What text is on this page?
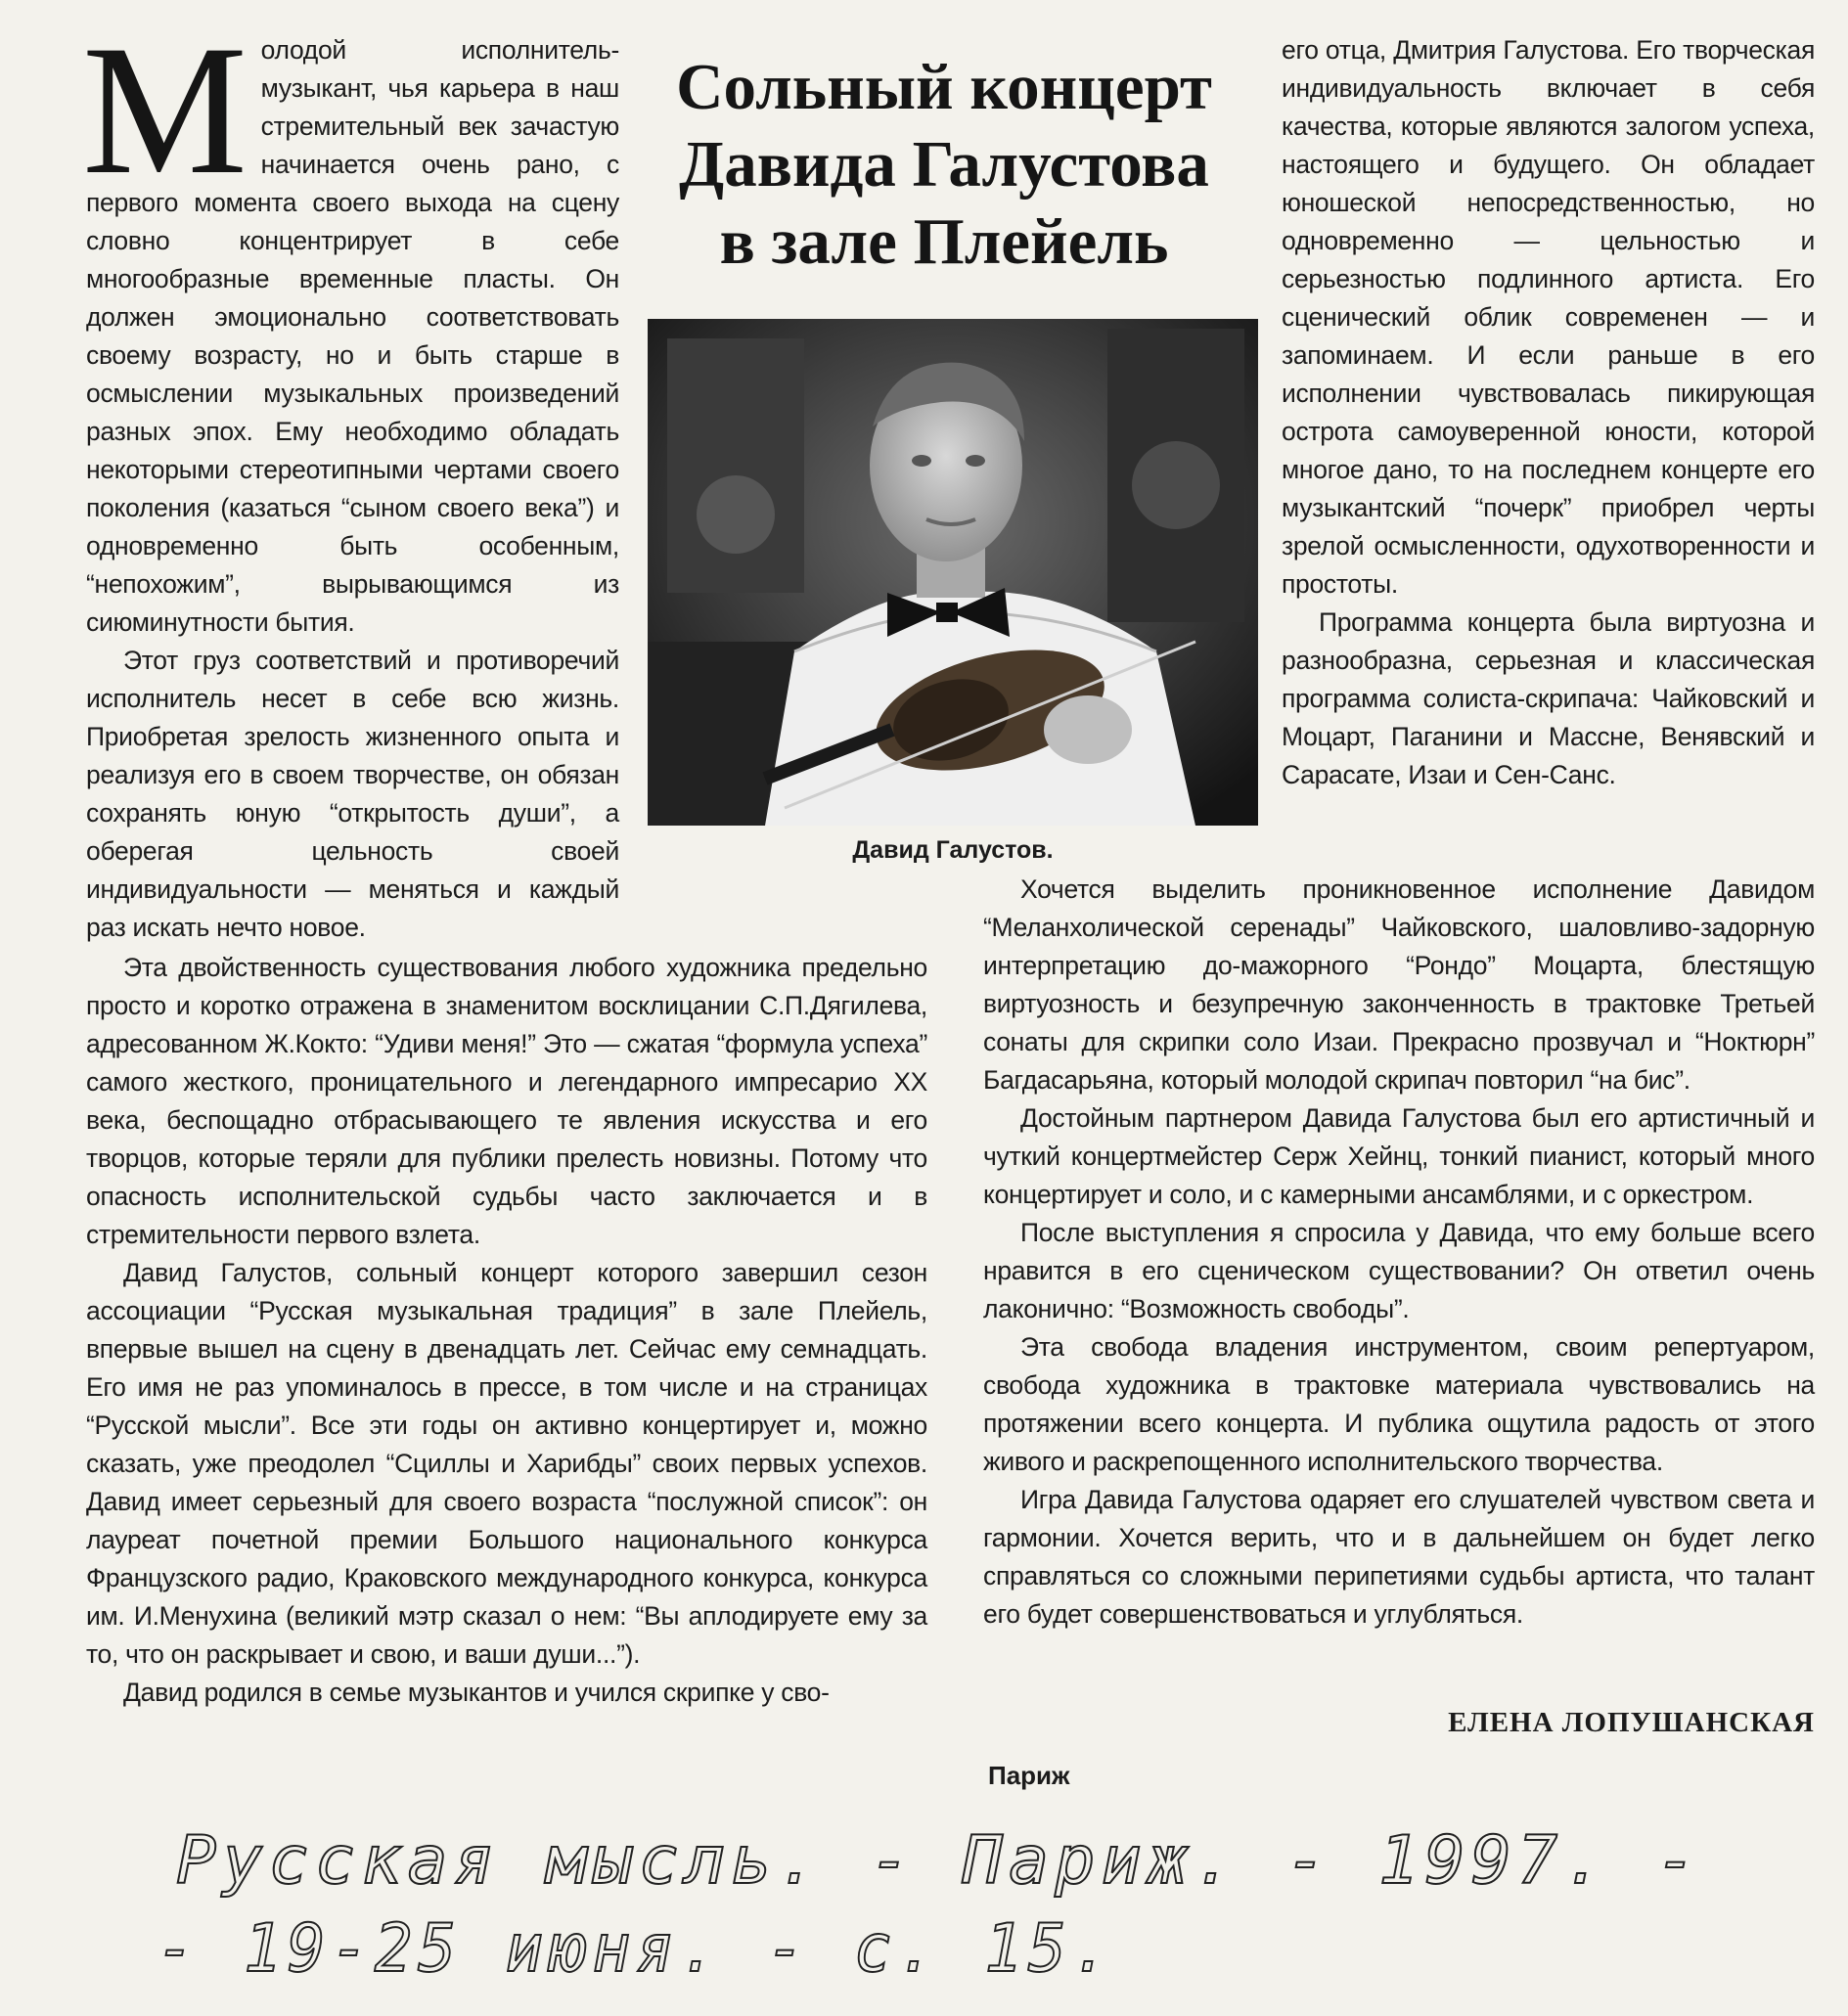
Сольный концерт
Давида Галустова
в зале Плейель
Давид Галустов.

Молодой исполнитель-музыкант, чья карьера в наш стремительный век зачастую начинается очень рано, с первого момента своего выхода на сцену словно концентрирует в себе многообразные временные пласты. Он должен эмоционально соответствовать своему возрасту, но и быть старше в осмыслении музыкальных произведений разных эпох. Ему необходимо обладать некоторыми стереотипными чертами своего поколения (казаться “сыном своего века”) и одновременно быть особенным, “непохожим”, вырывающимся из сиюминутности бытия.

Этот груз соответствий и противоречий исполнитель несет в себе всю жизнь. Приобретая зрелость жизненного опыта и реализуя его в своем творчестве, он обязан сохранять юную “открытость души”, а оберегая цельность своей индивидуальности — меняться и каждый раз искать нечто новое.

Эта двойственность существования любого художника предельно просто и коротко отражена в знаменитом восклицании С.П.Дягилева, адресованном Ж.Кокто: “Удиви меня!” Это — сжатая “формула успеха” самого жесткого, проницательного и легендарного импресарио XX века, беспощадно отбрасывающего те явления искусства и его творцов, которые теряли для публики прелесть новизны. Потому что опасность исполнительской судьбы часто заключается и в стремительности первого взлета.

Давид Галустов, сольный концерт которого завершил сезон ассоциации “Русская музыкальная традиция” в зале Плейель, впервые вышел на сцену в двенадцать лет. Сейчас ему семнадцать. Его имя не раз упоминалось в прессе, в том числе и на страницах “Русской мысли”. Все эти годы он активно концертирует и, можно сказать, уже преодолел “Сциллы и Харибды” своих первых успехов. Давид имеет серьезный для своего возраста “послужной список”: он лауреат почетной премии Большого национального конкурса Французского радио, Краковского международного конкурса, конкурса им. И.Менухина (великий мэтр сказал о нем: “Вы аплодируете ему за то, что он раскрывает и свою, и ваши души...”).

Давид родился в семье музыкантов и учился скрипке у сво-

его отца, Дмитрия Галустова. Его творческая индивидуальность включает в себя качества, которые являются залогом успеха, настоящего и будущего. Он обладает юношеской непосредственностью, но одновременно — цельностью и серьезностью подлинного артиста. Его сценический облик современен — и запоминаем. И если раньше в его исполнении чувствовалась пикирующая острота самоуверенной юности, которой многое дано, то на последнем концерте его музыкантский “почерк” приобрел черты зрелой осмысленности, одухотворенности и простоты.

Программа концерта была виртуозна и разнообразна, серьезная и классическая программа солиста-скрипача: Чайковский и Моцарт, Паганини и Массне, Венявский и Сарасате, Изаи и Сен-Санс.

Хочется выделить проникновенное исполнение Давидом “Меланхолической серенады” Чайковского, шаловливо-задорную интерпретацию до-мажорного “Рондо” Моцарта, блестящую виртуозность и безупречную законченность в трактовке Третьей сонаты для скрипки соло Изаи. Прекрасно прозвучал и “Ноктюрн” Багдасарьяна, который молодой скрипач повторил “на бис”.

Достойным партнером Давида Галустова был его артистичный и чуткий концертмейстер Серж Хейнц, тонкий пианист, который много концертирует и соло, и с камерными ансамблями, и с оркестром.

После выступления я спросила у Давида, что ему больше всего нравится в его сценическом существовании? Он ответил очень лаконично: “Возможность свободы”.

Эта свобода владения инструментом, своим репертуаром, свобода художника в трактовке материала чувствовались на протяжении всего концерта. И публика ощутила радость от этого живого и раскрепощенного исполнительского творчества.

Игра Давида Галустова одаряет его слушателей чувством света и гармонии. Хочется верить, что и в дальнейшем он будет легко справляться со сложными перипетиями судьбы артиста, что талант его будет совершенствоваться и углубляться.

ЕЛЕНА ЛОПУШАНСКАЯ
Париж
Русская мысль. - Париж. - 1997. -
- 19-25 июня. - с. 15.
